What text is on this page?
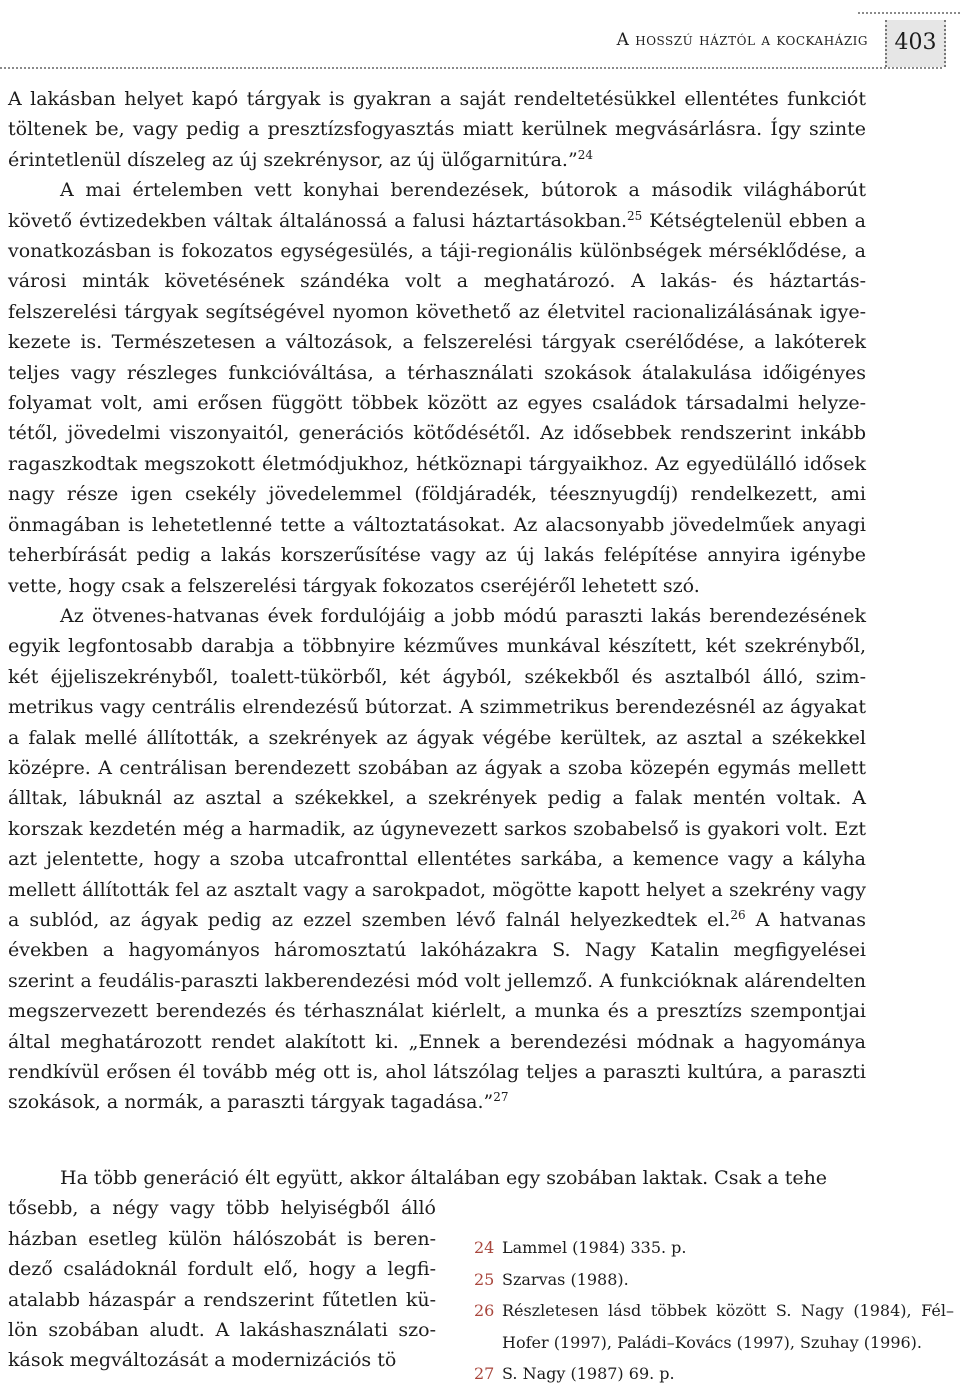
A hosszú háztól a kockaházig	403

A lakásban helyet kapó tárgyak is gyakran a saját rendeltetésükkel ellentétes funkciót töltenek be, vagy pedig a presztízsfogyasztás miatt kerülnek megvásárlásra. Így szinte érintetlenül díszeleg az új szekrénysor, az új ülőgarnitúra.”$^{24}$

A mai értelemben vett konyhai berendezések, bútorok a második világháborút követő évtizedekben váltak általánossá a falusi háztartásokban.$^{25}$ Kétségtelenül ebben a vonatkozásban is fokozatos egységesülés, a táji-regionális különbségek mérséklődése, a városi minták követésének szándéka volt a meghatározó. A lakás- és háztartásfelszerelési tárgyak segítségével nyomon követhető az életvitel racionalizálásának igyekezete is. Természetesen a változások, a felszerelési tárgyak cserélődése, a lakóterek teljes vagy részleges funkcióváltása, a térhasználati szokások átalakulása időigényes folyamat volt, ami erősen függött többek között az egyes családok társadalmi helyzetétől, jövedelmi viszonyaitól, generációs kötődésétől. Az idősebbek rendszerint inkább ragaszkodtak megszokott életmódjukhoz, hétköznapi tárgyaikhoz. Az egyedülálló idősek nagy része igen csekély jövedelemmel (földjáradék, téesznyugdíj) rendelkezett, ami önmagában is lehetetlenné tette a változtatásokat. Az alacsonyabb jövedelműek anyagi teherbírását pedig a lakás korszerűsítése vagy az új lakás felépítése annyira igénybe vette, hogy csak a felszerelési tárgyak fokozatos cseréjéről lehetett szó.

Az ötvenes-hatvanas évek fordulójáig a jobb módú paraszti lakás berendezésének egyik legfontosabb darabja a többnyire kézműves munkával készített, két szekrényből, két éjjeliszekrényből, toalett-tükörből, két ágyból, székekből és asztalból álló, szimmetrikus vagy centrális elrendezésű bútorzat. A szimmetrikus berendezésnél az ágyakat a falak mellé állították, a szekrények az ágyak végébe kerültek, az asztal a székekkel középre. A centrálisan berendezett szobában az ágyak a szoba közepén egymás mellett álltak, lábuknál az asztal a székekkel, a szekrények pedig a falak mentén voltak. A korszak kezdetén még a harmadik, az úgynevezett sarkos szobabelső is gyakori volt. Ezt azt jelentette, hogy a szoba utcafronttal ellentétes sarkába, a kemence vagy a kályha mellett állították fel az asztalt vagy a sarokpadot, mögötte kapott helyet a szekrény vagy a sublód, az ágyak pedig az ezzel szemben lévő falnál helyezkedtek el.$^{26}$ A hatvanas években a hagyományos háromosztatú lakóházakra S. Nagy Katalin megfigyelései szerint a feudális-paraszti lakberendezési mód volt jellemző. A funkcióknak alárendelten megszervezett berendezés és térhasználat kiérlelt, a munka és a presztízs szempontjai által meghatározott rendet alakított ki. „Ennek a berendezési módnak a hagyománya rendkívül erősen él tovább még ott is, ahol látszólag teljes a paraszti kultúra, a paraszti szokások, a normák, a paraszti tárgyak tagadása.”$^{27}$

Ha több generáció élt együtt, akkor általában egy szobában laktak. Csak a tehe
tősebb, a négy vagy több helyiségből álló házban esetleg külön hálószobát is berendező családoknál fordult elő, hogy a legfiatalabb házaspár a rendszerint fűtetlen külön szobában aludt. A lakáshasználati szokások megváltozását a modernizációs tö
24 Lammel (1984) 335. p.
25 Szarvas (1988).
26 Részletesen lásd többek között S. Nagy (1984), Fél–Hofer (1997), Paládi–Kovács (1997), Szuhay (1996).
27 S. Nagy (1987) 69. p.
